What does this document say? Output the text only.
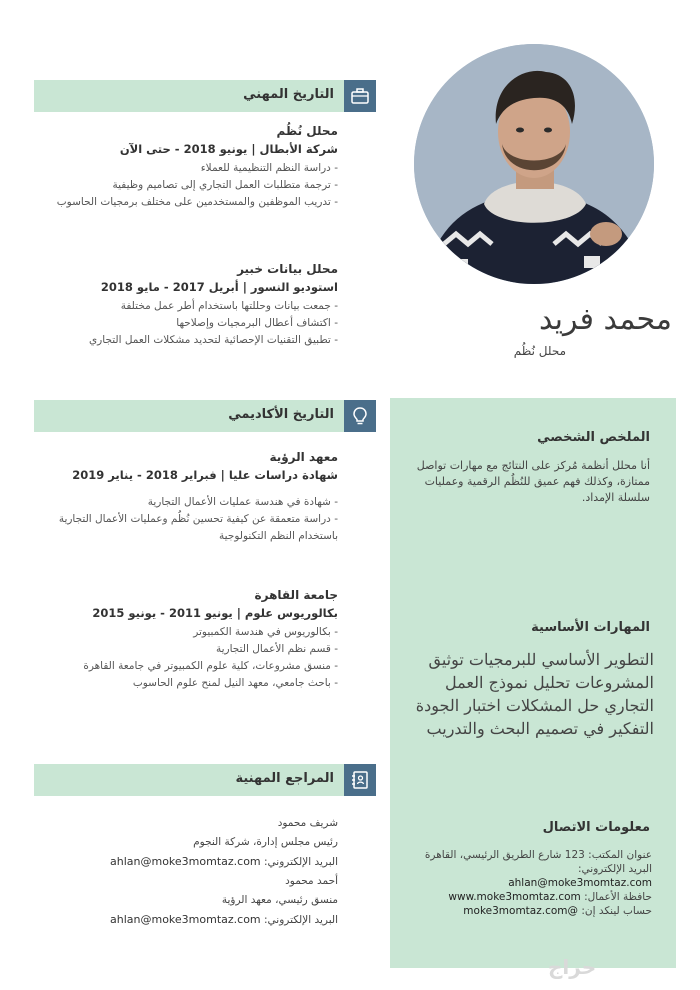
محمد فريد
محلل نُظُم
التاريخ المهني
محلل نُظُم
شركة الأبطال | يونيو 2018 - حتى الآن
- دراسة النظم التنظيمية للعملاء
- ترجمة متطلبات العمل التجاري إلى تصاميم وظيفية
- تدريب الموظفين والمستخدمين على مختلف برمجيات الحاسوب
محلل بيانات خبير
استوديو النسور | أبريل 2017 - مايو 2018
- جمعت بيانات وحللتها باستخدام أطر عمل مختلفة
- اكتشاف أعطال البرمجيات وإصلاحها
- تطبيق التقنيات الإحصائية لتحديد مشكلات العمل التجاري
التاريخ الأكاديمي
معهد الرؤية
شهادة دراسات عليا | فبراير 2018 - يناير 2019
- شهادة في هندسة عمليات الأعمال التجارية
- دراسة متعمقة عن كيفية تحسين نُظُم وعمليات الأعمال التجارية باستخدام النظم التكنولوجية
جامعة القاهرة
بكالوريوس علوم | يونيو 2011 - يونيو 2015
- بكالوريوس في هندسة الكمبيوتر
- قسم نظم الأعمال التجارية
- منسق مشروعات، كلية علوم الكمبيوتر في جامعة القاهرة
- باحث جامعي، معهد النيل لمنح علوم الحاسوب
المراجع المهنية
شريف محمود
رئيس مجلس إدارة، شركة النجوم
البريد الإلكتروني: ahlan@moke3momtaz.com
أحمد محمود
منسق رئيسي، معهد الرؤية
البريد الإلكتروني: ahlan@moke3momtaz.com
الملخص الشخصي
أنا محلل أنظمة مُركز على النتائج مع مهارات تواصل ممتازة، وكذلك فهم عميق للنُظُم الرقمية وعمليات سلسلة الإمداد.
المهارات الأساسية
التطوير الأساسي للبرمجيات توثيق المشروعات تحليل نموذج العمل التجاري حل المشكلات اختبار الجودة التفكير في تصميم البحث والتدريب
معلومات الاتصال
عنوان المكتب: 123 شارع الطريق الرئيسي، القاهرة
البريد الإلكتروني:
ahlan@moke3momtaz.com
حافظة الأعمال: www.moke3momtaz.com
حساب لينكد إن: @moke3momtaz.com
حراج
